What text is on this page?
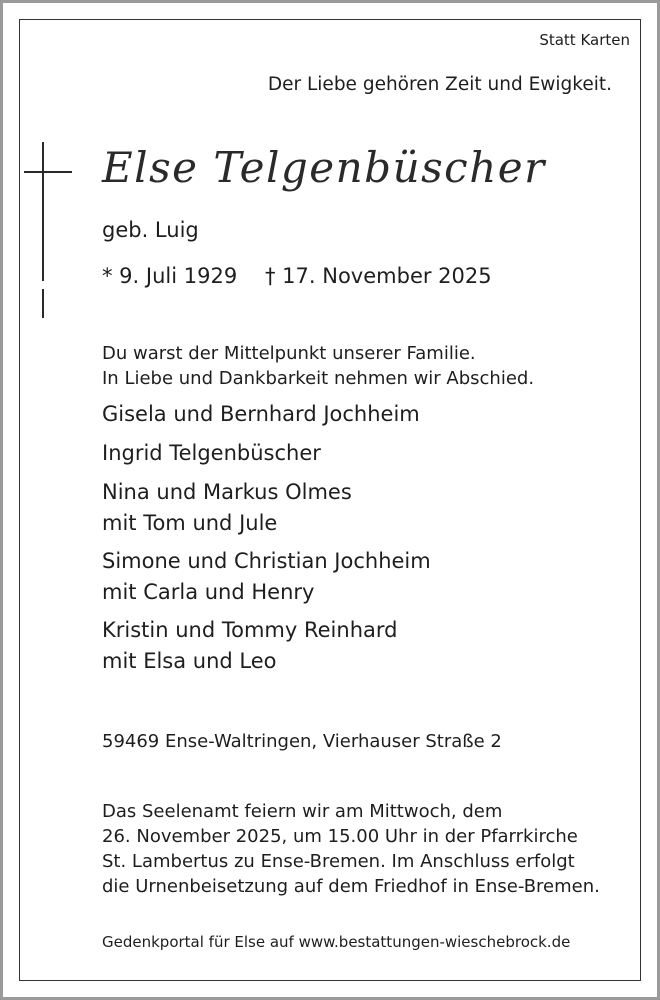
Statt Karten

Der Liebe gehören Zeit und Ewigkeit.

Else Telgenbüscher

geb. Luig

* 9. Juli 1929 † 17. November 2025

Du warst der Mittelpunkt unserer Familie.

In Liebe und Dankbarkeit nehmen wir Abschied.

Gisela und Bernhard Jochheim

Ingrid Telgenbüscher

Nina und Markus Olmes

mit Tom und Jule

Simone und Christian Jochheim

mit Carla und Henry

Kristin und Tommy Reinhard

mit Elsa und Leo

59469 Ense-Waltringen, Vierhauser Straße 2

Das Seelenamt feiern wir am Mittwoch, dem

26. November 2025, um 15.00 Uhr in der Pfarrkirche

St. Lambertus zu Ense-Bremen. Im Anschluss erfolgt

die Urnenbeisetzung auf dem Friedhof in Ense-Bremen.

Gedenkportal für Else auf www.bestattungen-wieschebrock.de
